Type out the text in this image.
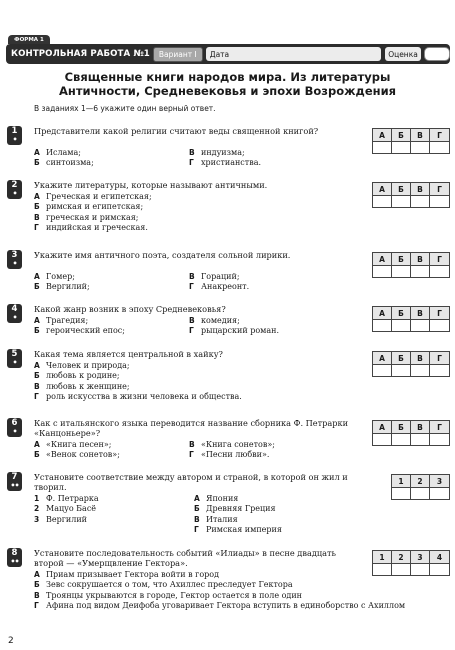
ФОРМА 1
КОНТРОЛЬНАЯ РАБОТА №1	Вариант I	Дата	Оценка
Священные книги народов мира. Из литературы
Античности, Средневековья и эпохи Возрождения
В заданиях 1—6 укажите один верный ответ.
1
•
Представители какой религии считают веды священной книгой?
А Ислама;	В индуизма;
Б синтоизма;	Г христианства.
А	Б	В	Г
2
•
Укажите литературы, которые называют античными.
А Греческая и египетская;
Б римская и египетская;
В греческая и римская;
Г индийская и греческая.
А	Б	В	Г
3
•
Укажите имя античного поэта, создателя сольной лирики.
А Гомер;	В Гораций;
Б Вергилий;	Г Анакреонт.
А	Б	В	Г
4
•
Какой жанр возник в эпоху Средневековья?
А Трагедия;	В комедия;
Б героический епос;	Г рыцарский роман.
А	Б	В	Г
5
•
Какая тема является центральной в хайку?
А Человек и природа;
Б любовь к родине;
В любовь к женщине;
Г роль искусства в жизни человека и общества.
А	Б	В	Г
6
•
Как с итальянского языка переводится название сборника Ф. Петрарки «Канцоньере»?
А «Книга песен»;	В «Книга сонетов»;
Б «Венок сонетов»;	Г «Песни любви».
А	Б	В	Г
7
••
Установите соответствие между автором и страной, в которой он жил и творил.
1 Ф. Петрарка	А Япония
2 Мацуо Басё	Б Древняя Греция
3 Вергилий	В Италия
Г Римская империя
1	2	3
8
••
Установите последовательность событий «Илиады» в песне двадцать второй — «Умерщвление Гектора».
А Приам призывает Гектора войти в город
Б Зевс сокрушается о том, что Ахиллес преследует Гектора
В Троянцы укрываются в городе, Гектор остается в поле один
Г Афина под видом Деифоба уговаривает Гектора вступить в единоборство с Ахиллом
1	2	3	4
2
